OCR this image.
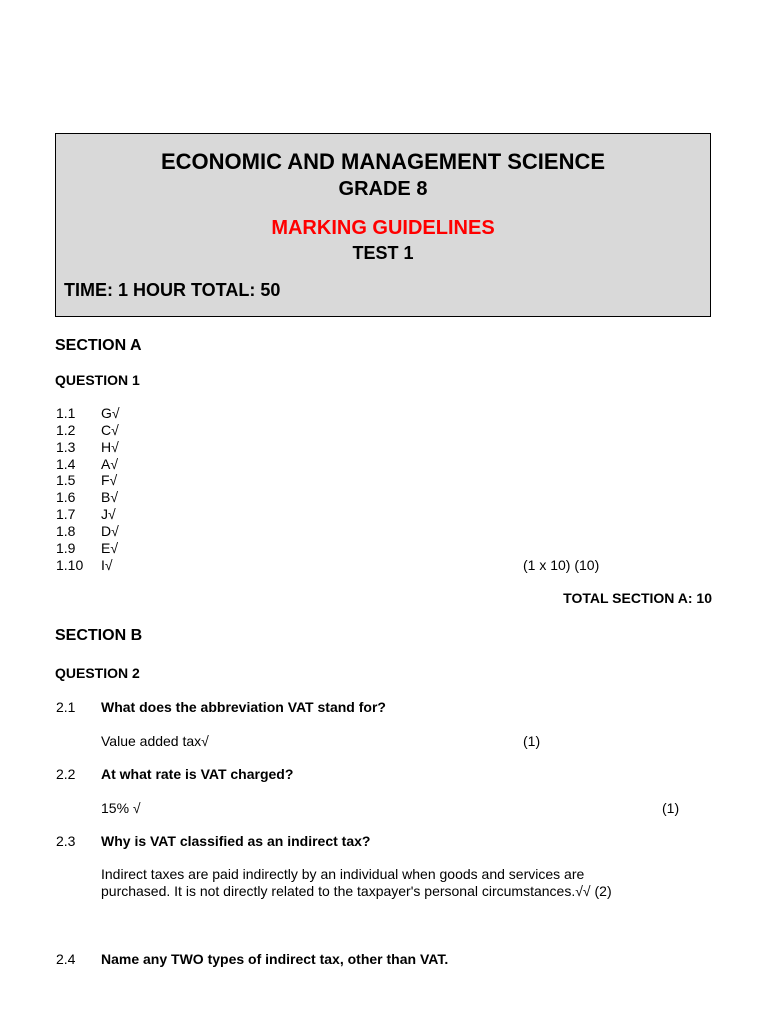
ECONOMIC AND MANAGEMENT SCIENCE
GRADE 8
MARKING GUIDELINES
TEST 1
TIME: 1 HOUR TOTAL: 50
SECTION A
QUESTION 1
1.1 G√
1.2 C√
1.3 H√
1.4 A√
1.5 F√
1.6 B√
1.7 J√
1.8 D√
1.9 E√
1.10 I√	(1 x 10) (10)
TOTAL SECTION A: 10
SECTION B
QUESTION 2
2.1 What does the abbreviation VAT stand for?
Value added tax√	(1)
2.2 At what rate is VAT charged?
15% √	(1)
2.3 Why is VAT classified as an indirect tax?
Indirect taxes are paid indirectly by an individual when goods and services are
purchased. It is not directly related to the taxpayer's personal circumstances.√√ (2)
2.4 Name any TWO types of indirect tax, other than VAT.
